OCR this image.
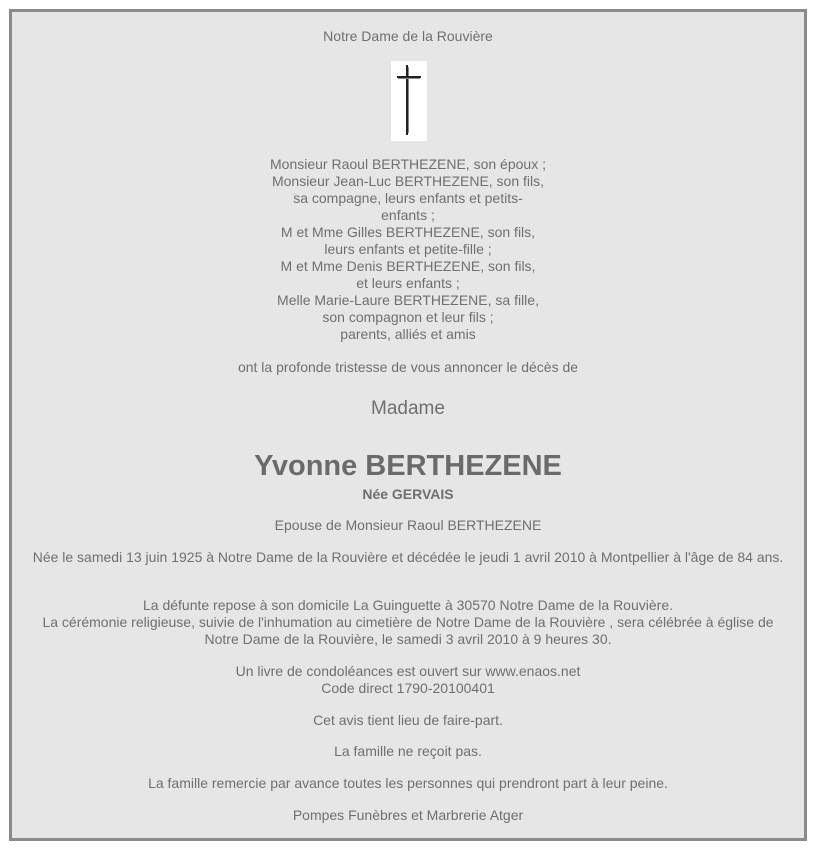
Notre Dame de la Rouvière

Monsieur Raoul BERTHEZENE, son époux ;

Monsieur Jean-Luc BERTHEZENE, son fils,

sa compagne, leurs enfants et petits-

enfants ;

M et Mme Gilles BERTHEZENE, son fils,

leurs enfants et petite-fille ;

M et Mme Denis BERTHEZENE, son fils,

et leurs enfants ;

Melle Marie-Laure BERTHEZENE, sa fille,

son compagnon et leur fils ;

parents, alliés et amis

ont la profonde tristesse de vous annoncer le décès de

Madame

Yvonne BERTHEZENE

Née GERVAIS

Epouse de Monsieur Raoul BERTHEZENE

Née le samedi 13 juin 1925 à Notre Dame de la Rouvière et décédée le jeudi 1 avril 2010 à Montpellier à l'âge de 84 ans.

La défunte repose à son domicile La Guinguette à 30570 Notre Dame de la Rouvière.

La cérémonie religieuse, suivie de l'inhumation au cimetière de Notre Dame de la Rouvière , sera célébrée à église de

Notre Dame de la Rouvière, le samedi 3 avril 2010 à 9 heures 30.

Un livre de condoléances est ouvert sur www.enaos.net

Code direct 1790-20100401

Cet avis tient lieu de faire-part.

La famille ne reçoit pas.

La famille remercie par avance toutes les personnes qui prendront part à leur peine.

Pompes Funèbres et Marbrerie Atger
